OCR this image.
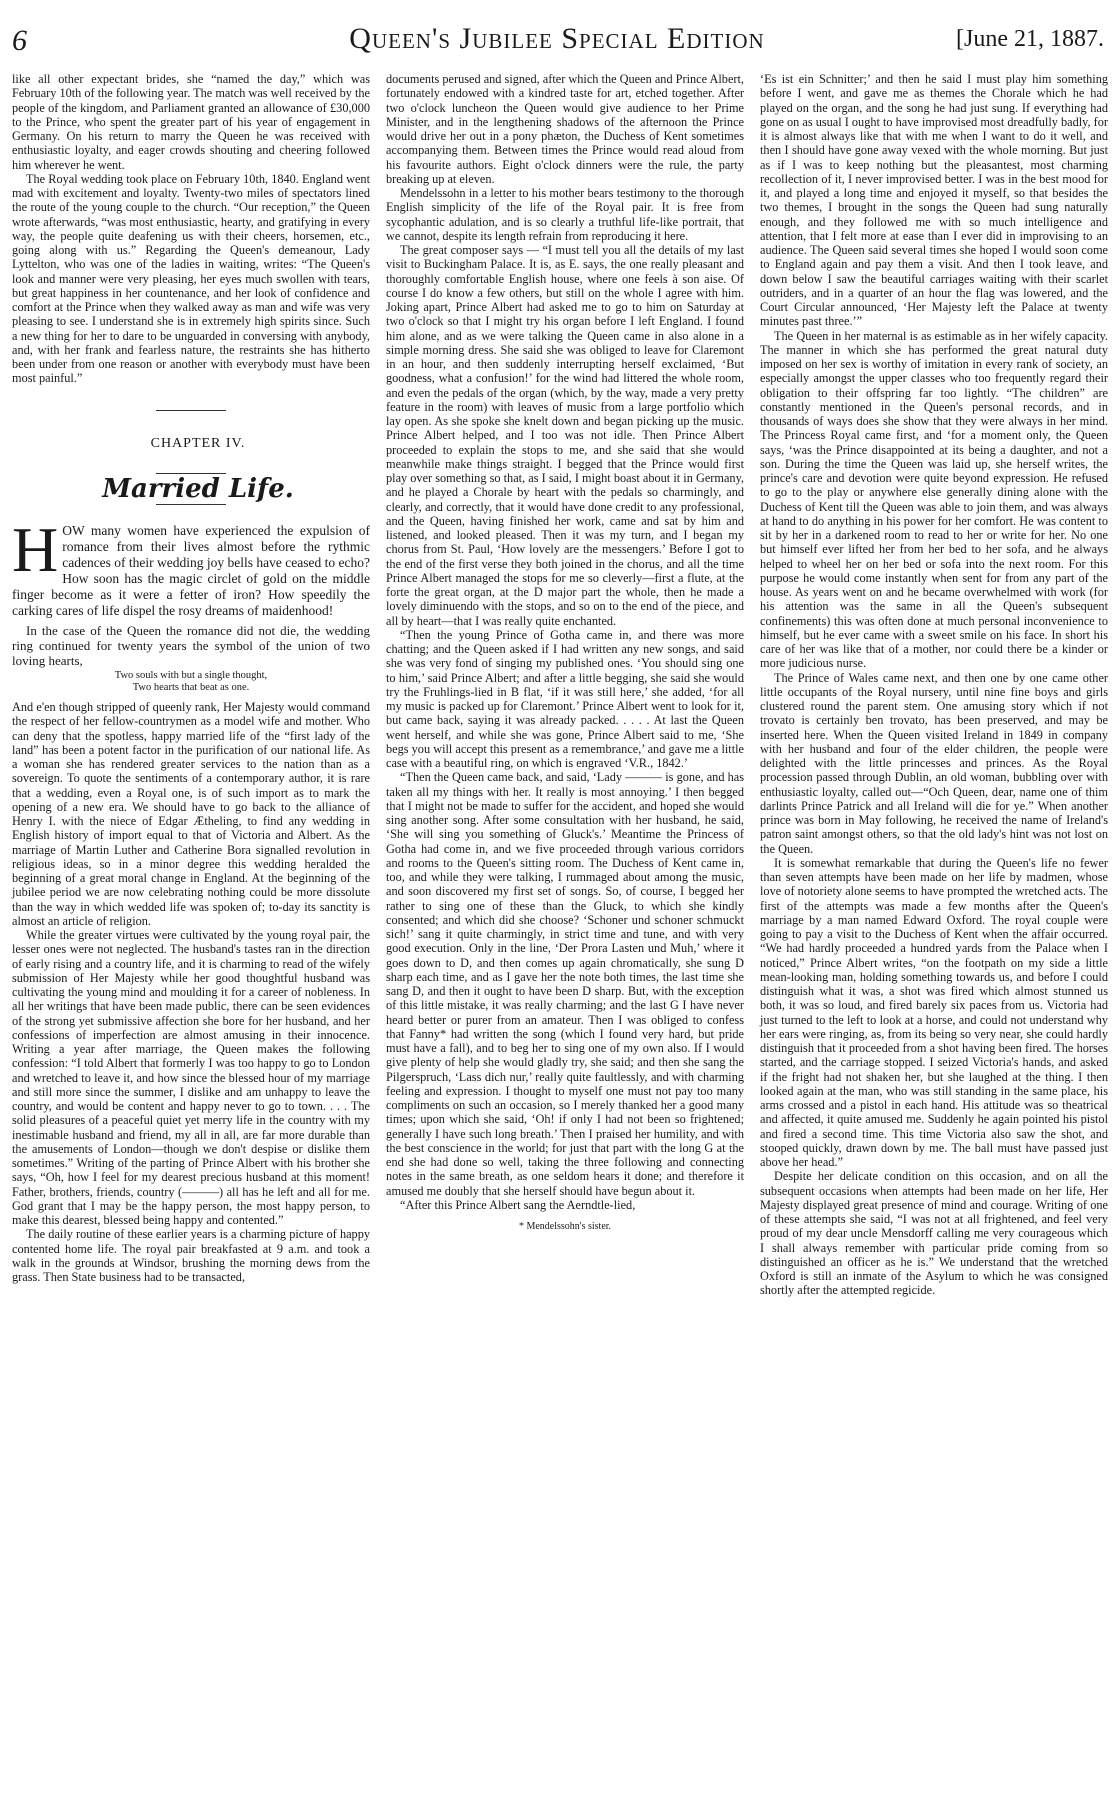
6	Queen's Jubilee Special Edition	[June 21, 1887.

like all other expectant brides, she “named the day,” which was February 10th of the following year. The match was well received by the people of the kingdom, and Parliament granted an allowance of £30,000 to the Prince, who spent the greater part of his year of engagement in Germany. On his return to marry the Queen he was received with enthusiastic loyalty, and eager crowds shouting and cheering followed him wherever he went.

The Royal wedding took place on February 10th, 1840. England went mad with excitement and loyalty. Twenty-two miles of spectators lined the route of the young couple to the church. “Our reception,” the Queen wrote afterwards, “was most enthusiastic, hearty, and gratifying in every way, the people quite deafening us with their cheers, horsemen, etc., going along with us.” Regarding the Queen's demeanour, Lady Lyttelton, who was one of the ladies in waiting, writes: “The Queen's look and manner were very pleasing, her eyes much swollen with tears, but great happiness in her countenance, and her look of confidence and comfort at the Prince when they walked away as man and wife was very pleasing to see. I understand she is in extremely high spirits since. Such a new thing for her to dare to be unguarded in conversing with anybody, and, with her frank and fearless nature, the restraints she has hitherto been under from one reason or another with everybody must have been most painful.”

CHAPTER IV.

Married Life.

HOW many women have experienced the expulsion of romance from their lives almost before the rythmic cadences of their wedding joy bells have ceased to echo? How soon has the magic circlet of gold on the middle finger become as it were a fetter of iron? How speedily the carking cares of life dispel the rosy dreams of maidenhood!

In the case of the Queen the romance did not die, the wedding ring continued for twenty years the symbol of the union of two loving hearts,

Two souls with but a single thought,
Two hearts that beat as one.

And e'en though stripped of queenly rank, Her Majesty would command the respect of her fellow-countrymen as a model wife and mother. Who can deny that the spotless, happy married life of the “first lady of the land” has been a potent factor in the purification of our national life. As a woman she has rendered greater services to the nation than as a sovereign. To quote the sentiments of a contemporary author, it is rare that a wedding, even a Royal one, is of such import as to mark the opening of a new era. We should have to go back to the alliance of Henry I. with the niece of Edgar Ætheling, to find any wedding in English history of import equal to that of Victoria and Albert. As the marriage of Martin Luther and Catherine Bora signalled revolution in religious ideas, so in a minor degree this wedding heralded the beginning of a great moral change in England. At the beginning of the jubilee period we are now celebrating nothing could be more dissolute than the way in which wedded life was spoken of; to-day its sanctity is almost an article of religion.

While the greater virtues were cultivated by the young royal pair, the lesser ones were not neglected. The husband's tastes ran in the direction of early rising and a country life, and it is charming to read of the wifely submission of Her Majesty while her good thoughtful husband was cultivating the young mind and moulding it for a career of nobleness. In all her writings that have been made public, there can be seen evidences of the strong yet submissive affection she bore for her husband, and her confessions of imperfection are almost amusing in their innocence. Writing a year after marriage, the Queen makes the following confession: “I told Albert that formerly I was too happy to go to London and wretched to leave it, and how since the blessed hour of my marriage and still more since the summer, I dislike and am unhappy to leave the country, and would be content and happy never to go to town. . . . The solid pleasures of a peaceful quiet yet merry life in the country with my inestimable husband and friend, my all in all, are far more durable than the amusements of London—though we don't despise or dislike them sometimes.” Writing of the parting of Prince Albert with his brother she says, “Oh, how I feel for my dearest precious husband at this moment! Father, brothers, friends, country (———) all has he left and all for me. God grant that I may be the happy person, the most happy person, to make this dearest, blessed being happy and contented.”

The daily routine of these earlier years is a charming picture of happy contented home life. The royal pair breakfasted at 9 a.m. and took a walk in the grounds at Windsor, brushing the morning dews from the grass. Then State business had to be transacted,

documents perused and signed, after which the Queen and Prince Albert, fortunately endowed with a kindred taste for art, etched together. After two o'clock luncheon the Queen would give audience to her Prime Minister, and in the lengthening shadows of the afternoon the Prince would drive her out in a pony phæton, the Duchess of Kent sometimes accompanying them. Between times the Prince would read aloud from his favourite authors. Eight o'clock dinners were the rule, the party breaking up at eleven.

Mendelssohn in a letter to his mother bears testimony to the thorough English simplicity of the life of the Royal pair. It is free from sycophantic adulation, and is so clearly a truthful life-like portrait, that we cannot, despite its length refrain from reproducing it here.

The great composer says — “I must tell you all the details of my last visit to Buckingham Palace. It is, as E. says, the one really pleasant and thoroughly comfortable English house, where one feels à son aise. Of course I do know a few others, but still on the whole I agree with him. Joking apart, Prince Albert had asked me to go to him on Saturday at two o'clock so that I might try his organ before I left England. I found him alone, and as we were talking the Queen came in also alone in a simple morning dress. She said she was obliged to leave for Claremont in an hour, and then suddenly interrupting herself exclaimed, ‘But goodness, what a confusion!’ for the wind had littered the whole room, and even the pedals of the organ (which, by the way, made a very pretty feature in the room) with leaves of music from a large portfolio which lay open. As she spoke she knelt down and began picking up the music. Prince Albert helped, and I too was not idle. Then Prince Albert proceeded to explain the stops to me, and she said that she would meanwhile make things straight. I begged that the Prince would first play over something so that, as I said, I might boast about it in Germany, and he played a Chorale by heart with the pedals so charmingly, and clearly, and correctly, that it would have done credit to any professional, and the Queen, having finished her work, came and sat by him and listened, and looked pleased. Then it was my turn, and I began my chorus from St. Paul, ‘How lovely are the messengers.’ Before I got to the end of the first verse they both joined in the chorus, and all the time Prince Albert managed the stops for me so cleverly—first a flute, at the forte the great organ, at the D major part the whole, then he made a lovely diminuendo with the stops, and so on to the end of the piece, and all by heart—that I was really quite enchanted.

“Then the young Prince of Gotha came in, and there was more chatting; and the Queen asked if I had written any new songs, and said she was very fond of singing my published ones. ‘You should sing one to him,’ said Prince Albert; and after a little begging, she said she would try the Fruhlings-lied in B flat, ‘if it was still here,’ she added, ‘for all my music is packed up for Claremont.’ Prince Albert went to look for it, but came back, saying it was already packed. . . . . At last the Queen went herself, and while she was gone, Prince Albert said to me, ‘She begs you will accept this present as a remembrance,’ and gave me a little case with a beautiful ring, on which is engraved ‘V.R., 1842.’

“Then the Queen came back, and said, ‘Lady ——— is gone, and has taken all my things with her. It really is most annoying.’ I then begged that I might not be made to suffer for the accident, and hoped she would sing another song. After some consultation with her husband, he said, ‘She will sing you something of Gluck's.’ Meantime the Princess of Gotha had come in, and we five proceeded through various corridors and rooms to the Queen's sitting room. The Duchess of Kent came in, too, and while they were talking, I rummaged about among the music, and soon discovered my first set of songs. So, of course, I begged her rather to sing one of these than the Gluck, to which she kindly consented; and which did she choose? ‘Schoner und schoner schmuckt sich!’ sang it quite charmingly, in strict time and tune, and with very good execution. Only in the line, ‘Der Prora Lasten und Muh,’ where it goes down to D, and then comes up again chromatically, she sung D sharp each time, and as I gave her the note both times, the last time she sang D, and then it ought to have been D sharp. But, with the exception of this little mistake, it was really charming; and the last G I have never heard better or purer from an amateur. Then I was obliged to confess that Fanny* had written the song (which I found very hard, but pride must have a fall), and to beg her to sing one of my own also. If I would give plenty of help she would gladly try, she said; and then she sang the Pilgerspruch, ‘Lass dich nur,’ really quite faultlessly, and with charming feeling and expression. I thought to myself one must not pay too many compliments on such an occasion, so I merely thanked her a good many times; upon which she said, ‘Oh! if only I had not been so frightened; generally I have such long breath.’ Then I praised her humility, and with the best conscience in the world; for just that part with the long G at the end she had done so well, taking the three following and connecting notes in the same breath, as one seldom hears it done; and therefore it amused me doubly that she herself should have begun about it.

“After this Prince Albert sang the Aerndtle-lied,

* Mendelssohn's sister.

‘Es ist ein Schnitter;’ and then he said I must play him something before I went, and gave me as themes the Chorale which he had played on the organ, and the song he had just sung. If everything had gone on as usual I ought to have improvised most dreadfully badly, for it is almost always like that with me when I want to do it well, and then I should have gone away vexed with the whole morning. But just as if I was to keep nothing but the pleasantest, most charming recollection of it, I never improvised better. I was in the best mood for it, and played a long time and enjoyed it myself, so that besides the two themes, I brought in the songs the Queen had sung naturally enough, and they followed me with so much intelligence and attention, that I felt more at ease than I ever did in improvising to an audience. The Queen said several times she hoped I would soon come to England again and pay them a visit. And then I took leave, and down below I saw the beautiful carriages waiting with their scarlet outriders, and in a quarter of an hour the flag was lowered, and the Court Circular announced, ‘Her Majesty left the Palace at twenty minutes past three.’”

The Queen in her maternal is as estimable as in her wifely capacity. The manner in which she has performed the great natural duty imposed on her sex is worthy of imitation in every rank of society, an especially amongst the upper classes who too frequently regard their obligation to their offspring far too lightly. “The children” are constantly mentioned in the Queen's personal records, and in thousands of ways does she show that they were always in her mind. The Princess Royal came first, and ‘for a moment only, the Queen says, ‘was the Prince disappointed at its being a daughter, and not a son. During the time the Queen was laid up, she herself writes, the prince's care and devotion were quite beyond expression. He refused to go to the play or anywhere else generally dining alone with the Duchess of Kent till the Queen was able to join them, and was always at hand to do anything in his power for her comfort. He was content to sit by her in a darkened room to read to her or write for her. No one but himself ever lifted her from her bed to her sofa, and he always helped to wheel her on her bed or sofa into the next room. For this purpose he would come instantly when sent for from any part of the house. As years went on and he became overwhelmed with work (for his attention was the same in all the Queen's subsequent confinements) this was often done at much personal inconvenience to himself, but he ever came with a sweet smile on his face. In short his care of her was like that of a mother, nor could there be a kinder or more judicious nurse.

The Prince of Wales came next, and then one by one came other little occupants of the Royal nursery, until nine fine boys and girls clustered round the parent stem. One amusing story which if not trovato is certainly ben trovato, has been preserved, and may be inserted here. When the Queen visited Ireland in 1849 in company with her husband and four of the elder children, the people were delighted with the little princesses and princes. As the Royal procession passed through Dublin, an old woman, bubbling over with enthusiastic loyalty, called out—“Och Queen, dear, name one of thim darlints Prince Patrick and all Ireland will die for ye.” When another prince was born in May following, he received the name of Ireland's patron saint amongst others, so that the old lady's hint was not lost on the Queen.

It is somewhat remarkable that during the Queen's life no fewer than seven attempts have been made on her life by madmen, whose love of notoriety alone seems to have prompted the wretched acts. The first of the attempts was made a few months after the Queen's marriage by a man named Edward Oxford. The royal couple were going to pay a visit to the Duchess of Kent when the affair occurred. “We had hardly proceeded a hundred yards from the Palace when I noticed,” Prince Albert writes, “on the footpath on my side a little mean-looking man, holding something towards us, and before I could distinguish what it was, a shot was fired which almost stunned us both, it was so loud, and fired barely six paces from us. Victoria had just turned to the left to look at a horse, and could not understand why her ears were ringing, as, from its being so very near, she could hardly distinguish that it proceeded from a shot having been fired. The horses started, and the carriage stopped. I seized Victoria's hands, and asked if the fright had not shaken her, but she laughed at the thing. I then looked again at the man, who was still standing in the same place, his arms crossed and a pistol in each hand. His attitude was so theatrical and affected, it quite amused me. Suddenly he again pointed his pistol and fired a second time. This time Victoria also saw the shot, and stooped quickly, drawn down by me. The ball must have passed just above her head.”

Despite her delicate condition on this occasion, and on all the subsequent occasions when attempts had been made on her life, Her Majesty displayed great presence of mind and courage. Writing of one of these attempts she said, “I was not at all frightened, and feel very proud of my dear uncle Mensdorff calling me very courageous which I shall always remember with particular pride coming from so distinguished an officer as he is.” We understand that the wretched Oxford is still an inmate of the Asylum to which he was consigned shortly after the attempted regicide.
